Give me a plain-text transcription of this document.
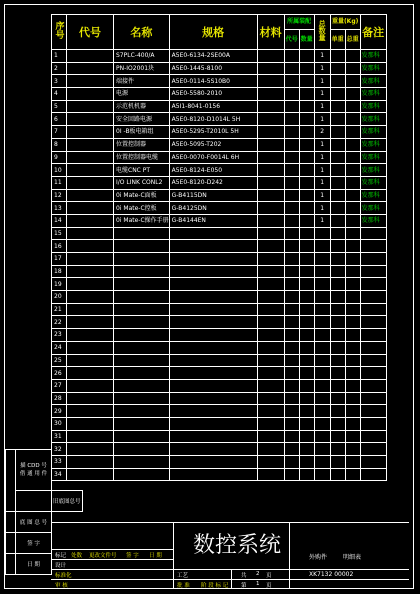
序号	代号	名称	规格	材料	所属装配		总数量	重量(Kg)		备注
					代号	数量		单重	总重	
1		S7PLC-400/A	A5E0-6134-2SE00A				1			发那科
2		PN-IO2001块	A5E0-1445-8100				1			发那科
3		端接件	A5E0-0114-5S10B0				1			发那科
4		电源	A5E0-5580-2010				1			发那科
5		示范机机器	A5I1-8041-0156				1			发那科
6		安全回路电源	A5E0-8120-D1014L 5H				1			发那科
7		0I -B板电箱组	A5E0-5295-T2010L 5H				2			发那科
8		位置控制器	A5E0-5095-T202				1			发那科
9		位置控制器电缆	A5E0-0070-F0014L 6H				1			发那科
10		电缆CNC PT	A5E0-8124-E050				1			发那科
11		I/O LINK CONL2	A5E0-8120-D242				1			发那科
12		0i Mate-C面板	G-B4115DN				1			发那科
13		0i Mate-C控板	G-B4125DN				1			发那科
14		0i Mate-C操作手册	G-B4144EN				1			发那科
15										
16										
17										
18										
19										
20										
21										
22										
23										
24										
25										
26										
27										
28										
29										
30										
31										
32										
33										
34										
	描 CDD 号
借 通 用 件	
		旧底图总号
	底 图 总 号	
	签 字	
	日 期	
标记 处数 更改文件号 签 字 日 期
设计
标准化
审 核
工艺
批 准 阶 段 标 记
共 2 页
第 1 页
数控系统	外购件	明细表
XK7132 00002
